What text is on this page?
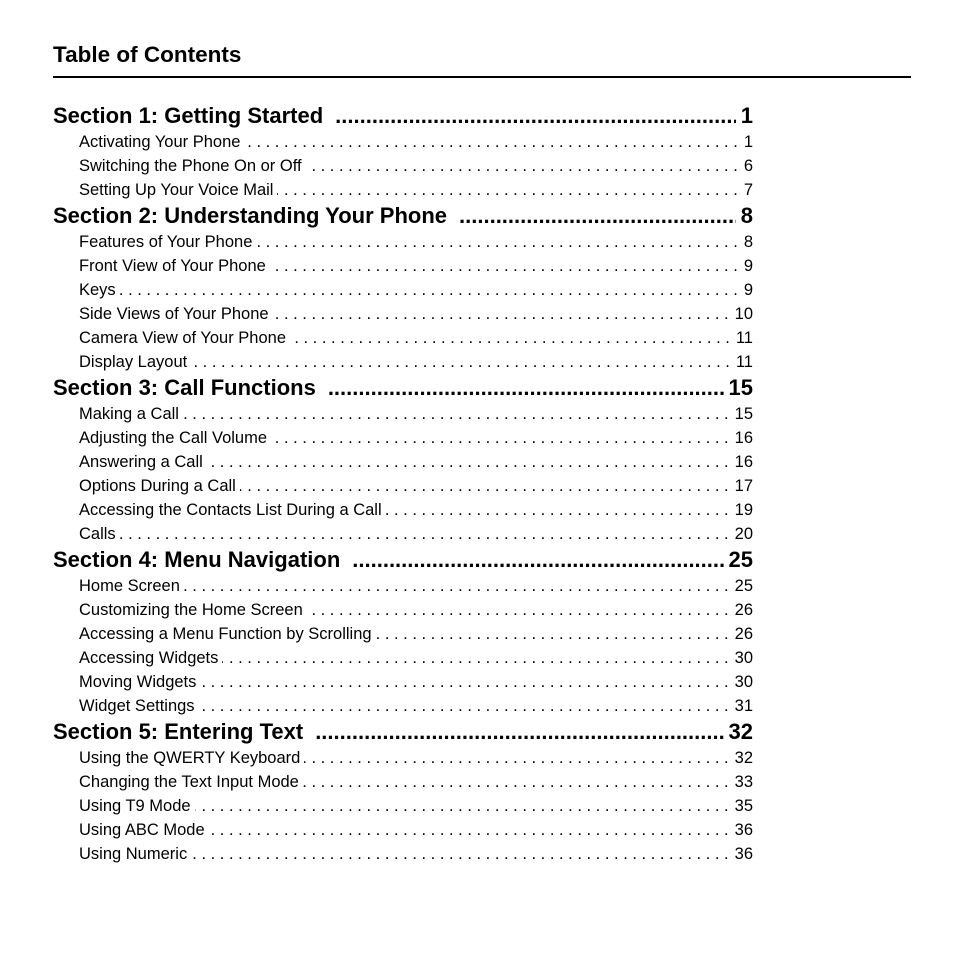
Table of Contents
Section 1: Getting Started .....	1
Activating Your Phone . . .	1
Switching the Phone On or Off . . .	6
Setting Up Your Voice Mail . . .	7
Section 2: Understanding Your Phone .....	8
Features of Your Phone . . .	8
Front View of Your Phone . . .	9
Keys . . .	9
Side Views of Your Phone . . .	10
Camera View of Your Phone . . .	11
Display Layout . . .	11
Section 3: Call Functions .....	15
Making a Call . . .	15
Adjusting the Call Volume . . .	16
Answering a Call . . .	16
Options During a Call . . .	17
Accessing the Contacts List During a Call . . .	19
Calls . . .	20
Section 4: Menu Navigation .....	25
Home Screen . . .	25
Customizing the Home Screen . . .	26
Accessing a Menu Function by Scrolling . . .	26
Accessing Widgets . . .	30
Moving Widgets . . .	30
Widget Settings . . .	31
Section 5: Entering Text .....	32
Using the QWERTY Keyboard . . .	32
Changing the Text Input Mode . . .	33
Using T9 Mode . . .	35
Using ABC Mode . . .	36
Using Numeric . . .	36
